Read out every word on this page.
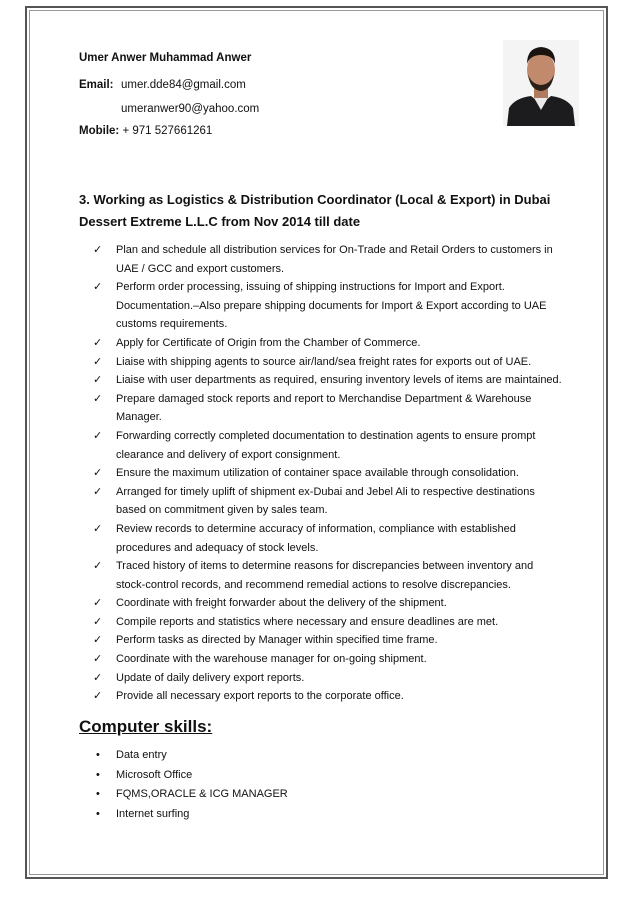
Umer Anwer Muhammad Anwer
Email: umer.dde84@gmail.com
umeranwer90@yahoo.com
Mobile: + 971 527661261
3. Working as Logistics & Distribution Coordinator (Local & Export) in Dubai Dessert Extreme L.L.C from Nov 2014 till date
✓ Plan and schedule all distribution services for On-Trade and Retail Orders to customers in UAE / GCC and export customers.
✓ Perform order processing, issuing of shipping instructions for Import and Export. Documentation.–Also prepare shipping documents for Import & Export according to UAE customs requirements.
✓ Apply for Certificate of Origin from the Chamber of Commerce.
✓ Liaise with shipping agents to source air/land/sea freight rates for exports out of UAE.
✓ Liaise with user departments as required, ensuring inventory levels of items are maintained.
✓ Prepare damaged stock reports and report to Merchandise Department & Warehouse Manager.
✓ Forwarding correctly completed documentation to destination agents to ensure prompt clearance and delivery of export consignment.
✓ Ensure the maximum utilization of container space available through consolidation.
✓ Arranged for timely uplift of shipment ex-Dubai and Jebel Ali to respective destinations based on commitment given by sales team.
✓ Review records to determine accuracy of information, compliance with established procedures and adequacy of stock levels.
✓ Traced history of items to determine reasons for discrepancies between inventory and stock-control records, and recommend remedial actions to resolve discrepancies.
✓ Coordinate with freight forwarder about the delivery of the shipment.
✓ Compile reports and statistics where necessary and ensure deadlines are met.
✓ Perform tasks as directed by Manager within specified time frame.
✓ Coordinate with the warehouse manager for on-going shipment.
✓ Update of daily delivery export reports.
✓ Provide all necessary export reports to the corporate office.
Computer skills:
• Data entry
• Microsoft Office
• FQMS,ORACLE & ICG MANAGER
• Internet surfing
